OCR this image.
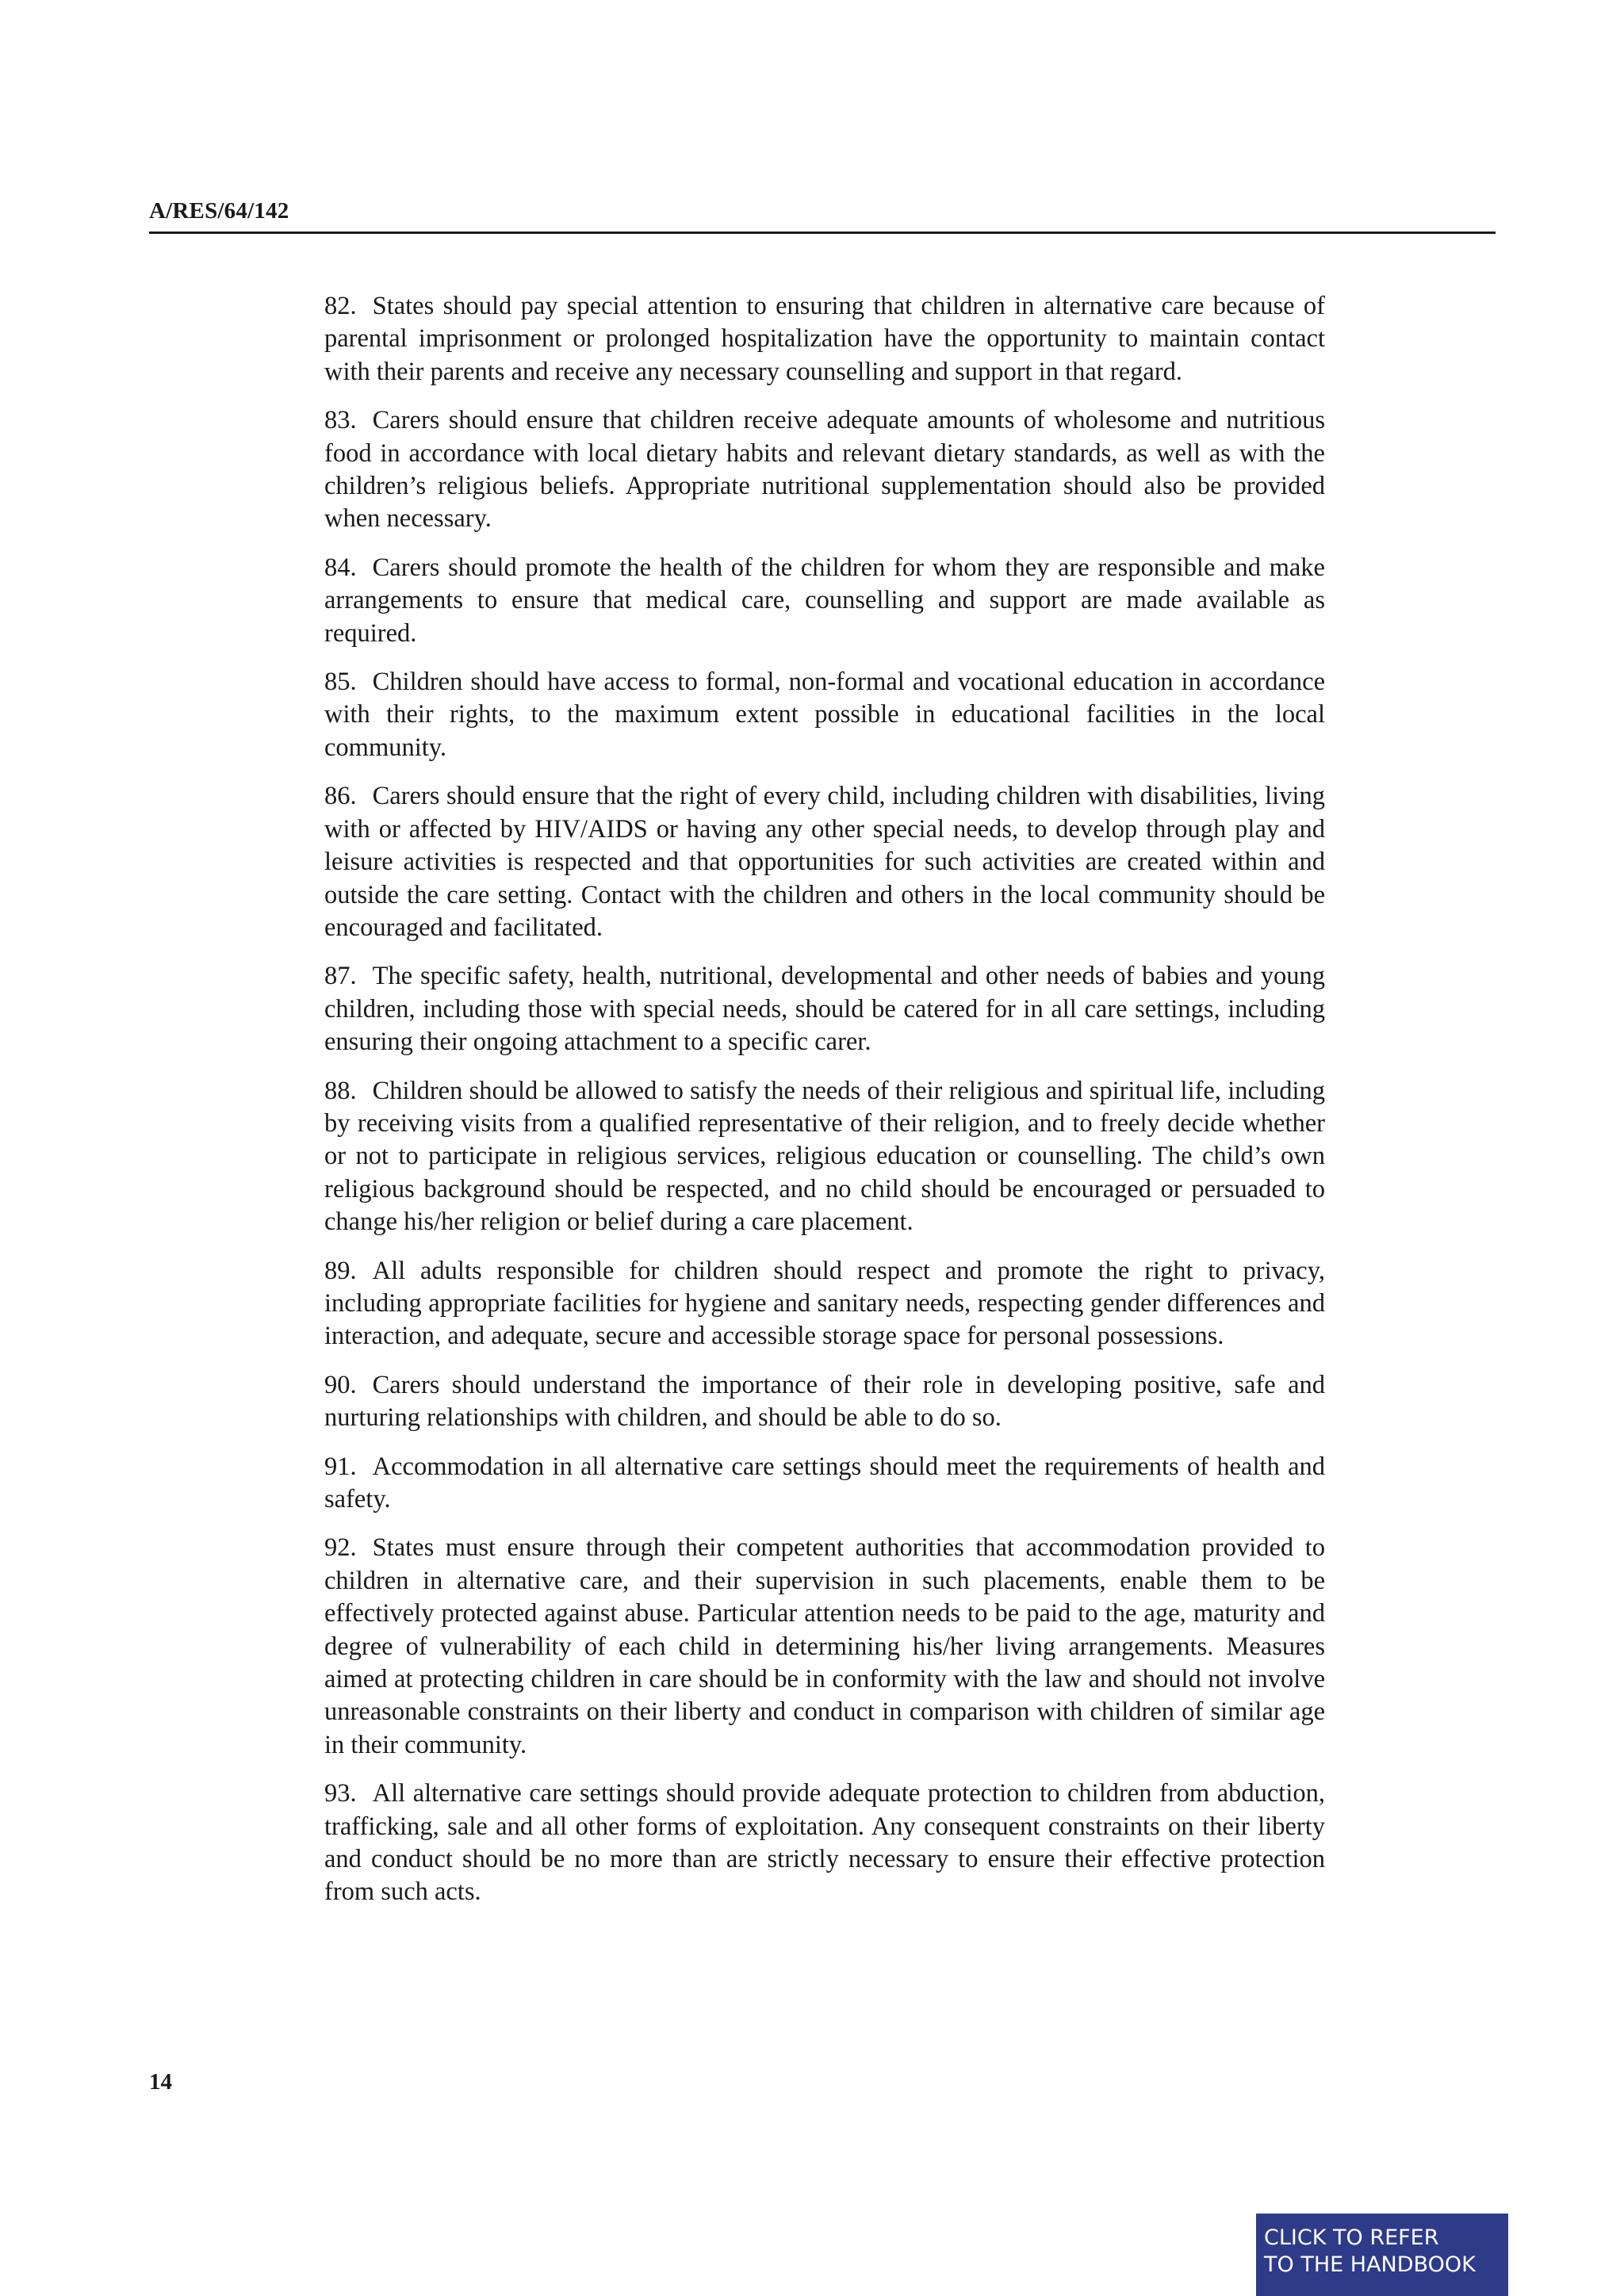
A/RES/64/142

82. States should pay special attention to ensuring that children in alternative care because of parental imprisonment or prolonged hospitalization have the opportunity to maintain contact with their parents and receive any necessary counselling and support in that regard.

83. Carers should ensure that children receive adequate amounts of wholesome and nutritious food in accordance with local dietary habits and relevant dietary standards, as well as with the children’s religious beliefs. Appropriate nutritional supplementation should also be provided when necessary.

84. Carers should promote the health of the children for whom they are responsible and make arrangements to ensure that medical care, counselling and support are made available as required.

85. Children should have access to formal, non-formal and vocational education in accordance with their rights, to the maximum extent possible in educational facilities in the local community.

86. Carers should ensure that the right of every child, including children with disabilities, living with or affected by HIV/AIDS or having any other special needs, to develop through play and leisure activities is respected and that opportunities for such activities are created within and outside the care setting. Contact with the children and others in the local community should be encouraged and facilitated.

87. The specific safety, health, nutritional, developmental and other needs of babies and young children, including those with special needs, should be catered for in all care settings, including ensuring their ongoing attachment to a specific carer.

88. Children should be allowed to satisfy the needs of their religious and spiritual life, including by receiving visits from a qualified representative of their religion, and to freely decide whether or not to participate in religious services, religious education or counselling. The child’s own religious background should be respected, and no child should be encouraged or persuaded to change his/her religion or belief during a care placement.

89. All adults responsible for children should respect and promote the right to privacy, including appropriate facilities for hygiene and sanitary needs, respecting gender differences and interaction, and adequate, secure and accessible storage space for personal possessions.

90. Carers should understand the importance of their role in developing positive, safe and nurturing relationships with children, and should be able to do so.

91. Accommodation in all alternative care settings should meet the requirements of health and safety.

92. States must ensure through their competent authorities that accommodation provided to children in alternative care, and their supervision in such placements, enable them to be effectively protected against abuse. Particular attention needs to be paid to the age, maturity and degree of vulnerability of each child in determining his/her living arrangements. Measures aimed at protecting children in care should be in conformity with the law and should not involve unreasonable constraints on their liberty and conduct in comparison with children of similar age in their community.

93. All alternative care settings should provide adequate protection to children from abduction, trafficking, sale and all other forms of exploitation. Any consequent constraints on their liberty and conduct should be no more than are strictly necessary to ensure their effective protection from such acts.

14
CLICK TO REFER
TO THE HANDBOOK
